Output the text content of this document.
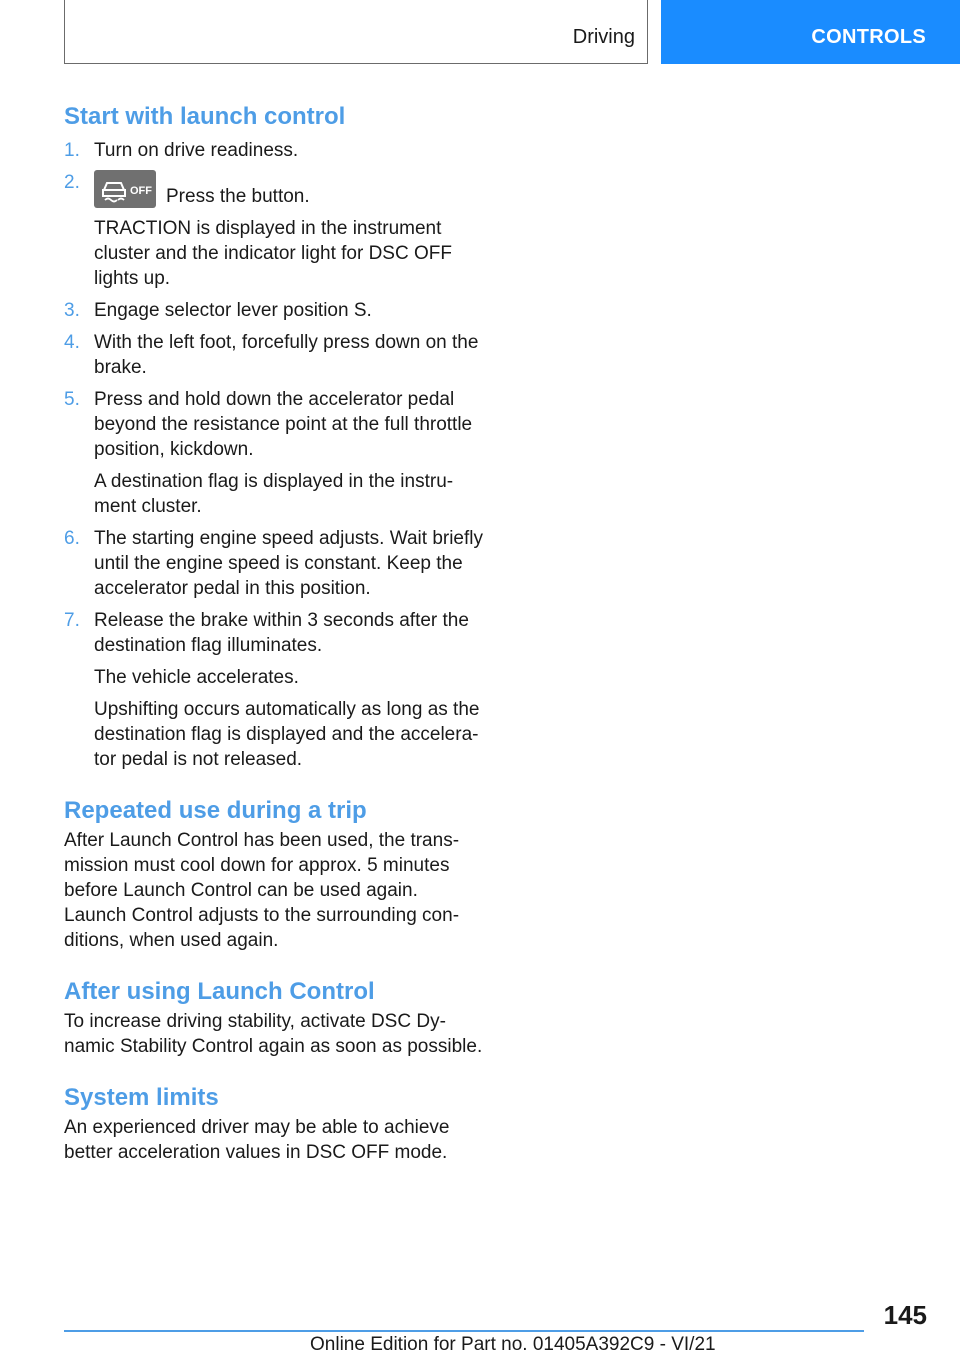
Driving	CONTROLS
Start with launch control
1. Turn on drive readiness.
2.	OFF Press the button.
TRACTION is displayed in the instrument cluster and the indicator light for DSC OFF lights up.
3. Engage selector lever position S.
4. With the left foot, forcefully press down on the brake.
5. Press and hold down the accelerator pedal beyond the resistance point at the full throttle position, kickdown.
A destination flag is displayed in the instru-ment cluster.
6. The starting engine speed adjusts. Wait briefly until the engine speed is constant. Keep the accelerator pedal in this position.
7. Release the brake within 3 seconds after the destination flag illuminates.
The vehicle accelerates.
Upshifting occurs automatically as long as the destination flag is displayed and the accelera-tor pedal is not released.
Repeated use during a trip

After Launch Control has been used, the trans-mission must cool down for approx. 5 minutes before Launch Control can be used again. Launch Control adjusts to the surrounding con-ditions, when used again.

After using Launch Control

To increase driving stability, activate DSC Dy-namic Stability Control again as soon as possible.

System limits

An experienced driver may be able to achieve better acceleration values in DSC OFF mode.

145
Online Edition for Part no. 01405A392C9 - VI/21
